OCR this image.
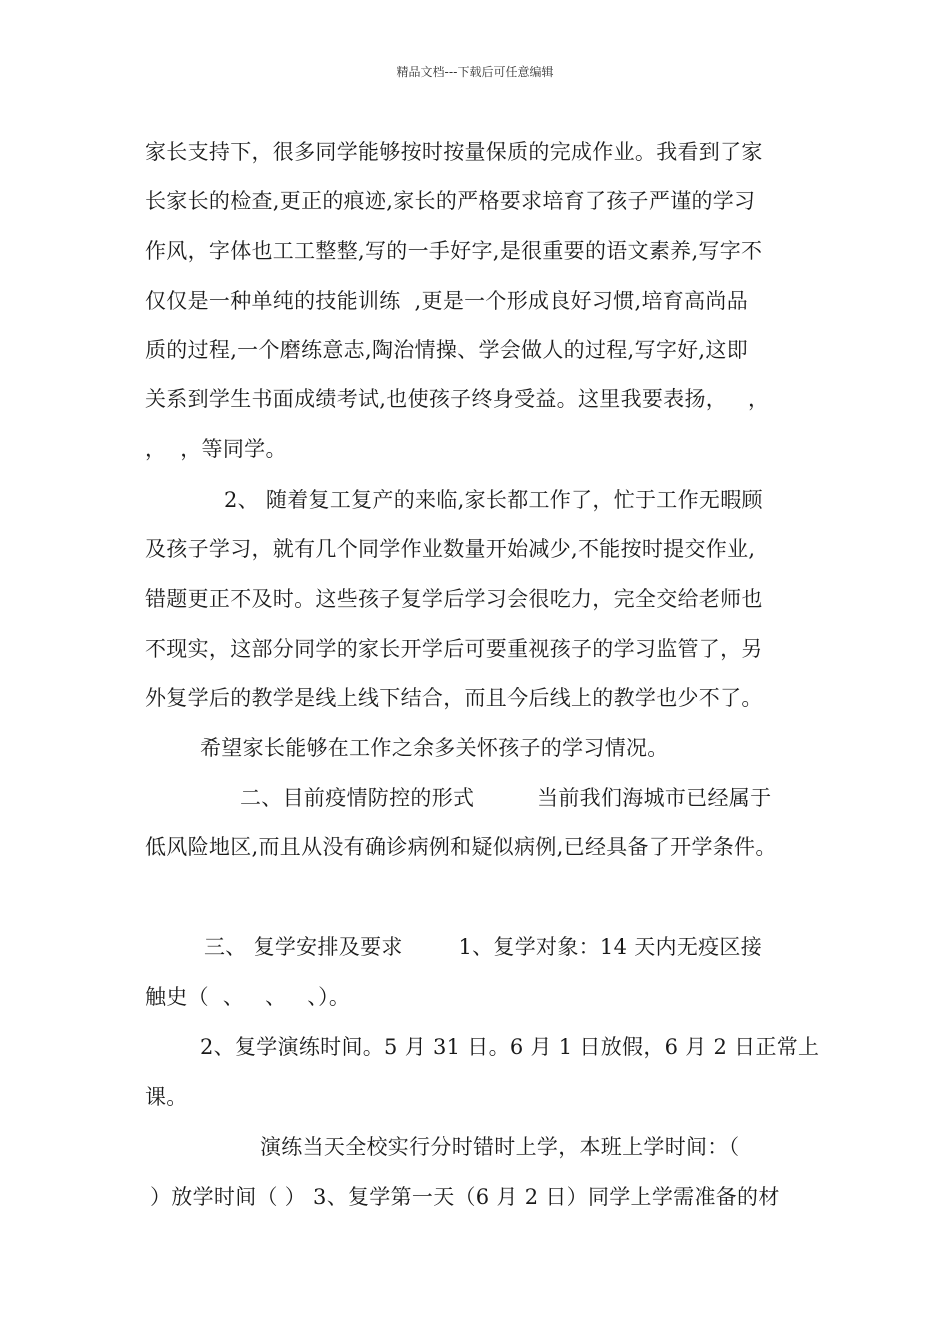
精品文档---下载后可任意编辑
家长支持下，很多同学能够按时按量保质的完成作业。我看到了家
长家长的检查,更正的痕迹,家长的严格要求培育了孩子严谨的学习
作风，字体也工工整整,写的一手好字,是很重要的语文素养,写字不
仅仅是一种单纯的技能训练  ,更是一个形成良好习惯,培育高尚品
质的过程,一个磨练意志,陶治情操、学会做人的过程,写字好,这即
关系到学生书面成绩考试,也使孩子终身受益。这里我要表扬，   ，
，  ，等同学。
2、 随着复工复产的来临,家长都工作了，忙于工作无暇顾
及孩子学习，就有几个同学作业数量开始减少,不能按时提交作业,
错题更正不及时。这些孩子复学后学习会很吃力，完全交给老师也
不现实，这部分同学的家长开学后可要重视孩子的学习监管了，另
外复学后的教学是线上线下结合，而且今后线上的教学也少不了。
希望家长能够在工作之余多关怀孩子的学习情况。
二、目前疫情防控的形式         当前我们海城市已经属于
低风险地区,而且从没有确诊病例和疑似病例,已经具备了开学条件。
三、 复学安排及要求        1、复学对象：14 天内无疫区接
触史（  、   、   、）。
2、复学演练时间。5 月 31 日。6 月 1 日放假，6 月 2 日正常上
课。
演练当天全校实行分时错时上学，本班上学时间：（
）放学时间（ ） 3、复学第一天（6 月 2 日）同学上学需准备的材
